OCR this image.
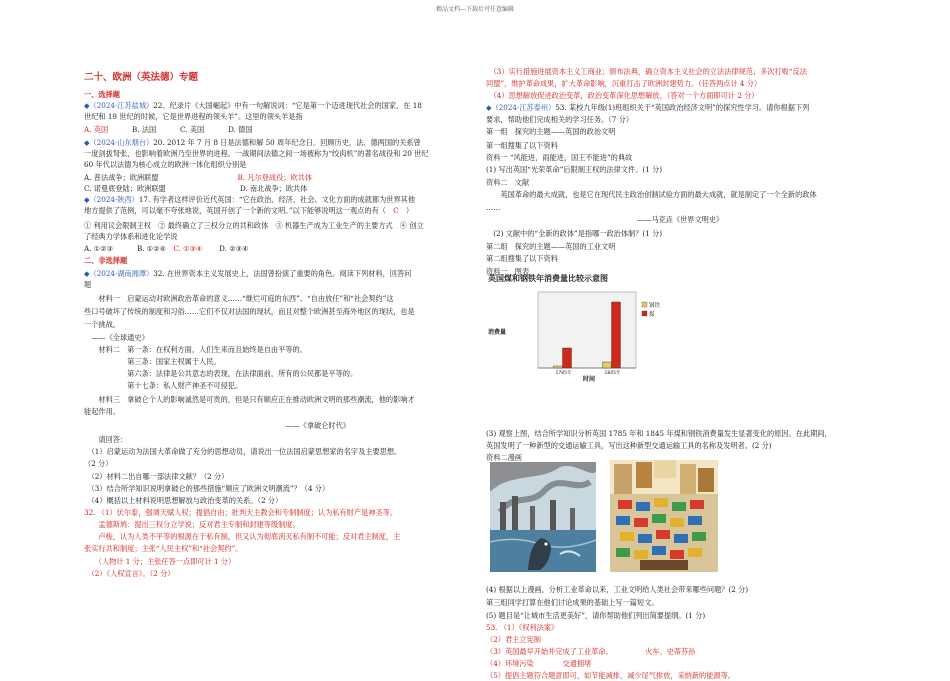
精品文档---下载后可任意编辑
二十、欧洲（英法德）专题
一、选择题
◆（2024·江苏盐城）22、纪录片《大国崛起》中有一句解说词：“它是第一个迈进现代社会的国家，在 18
世纪和 19 世纪的时候，它是世界进程的领头羊”。这里的领头羊是指
A. 英国　　　 B. 法国　　　 C. 美国　　　 D. 德国
◆（2024·山东烟台）20. 2012 年 7 月 8 日是法德和解 50 周年纪念日。回顾历史，法、德两国的关系曾
一度剑拔弩张，也影响着欧洲乃至世界的进程。一战期间法德之间一场被称为“绞肉机”的著名战役和 20 世纪
60 年代以法德为核心成立的欧洲一体化组织分别是
A. 普法战争；欧洲联盟　　　　　　　　　　　B. 凡尔登战役；欧共体
C. 诺曼底登陆；欧洲联盟　　　　　　　　　　 D. 南北战争；欧共体
◆（2024·陕西）17. 有学者这样评价近代英国：“它在政治、经济、社会、文化方面的成就都为世界其他
地方提供了范例，可以毫不夸张地说，英国开创了一个新的文明。”以下能够说明这一观点的有（　C　）
① 利用议会限制王权　② 最终确立了三权分立的共和政体　③ 机器生产成为工业生产的主要方式　④ 创立
了经典力学体系和进化论学说
A. ①②③　　　 B. ①②④　C. ①③④　　 D. ②③④
二、非选择题
◆（2024·湖南湘潭）32. 在世界资本主义发展史上，法国曾扮演了重要的角色。阅读下列材料，回答问
题
　　材料一　启蒙运动对欧洲政治革命的意义……“继烂可庭的东西”、“自由放任”和“社会契约”这
些口号破坏了传统的制度和习俗……它们不仅对法国的现状，而且对整个欧洲甚至海外地区的现状，也是
一个挑战。
　——《全球通史》
　　材料二　第一条：在权利方面，人们生来而且始终是自由平等的。
　　　　　　第三条：国家主权属于人民。
　　　　　　第六条：法律是公共意志的表现，在法律面前，所有的公民都是平等的。
　　　　　　第十七条：私人财产神圣不可侵犯。
　　材料三　拿破仑个人的影响诚然是可贵的，但是只有顺应正在推动欧洲文明的那些潮流，他的影响才
能起作用。
　　　　　　　　　　　　　　　　　　　　　　　　　　　　——《拿破仑时代》
　　请回答：
　（1）启蒙运动为法国大革命做了充分的思想动员，请说出一位法国启蒙思想家的名字及主要思想。
（2 分）
　（2）材料二出自哪一部法律文献？（2 分）
　（3）结合所学知识说明拿破仑的那些措施“顺应了欧洲文明潮流”？（4 分）
　（4）概括以上材料说明思想解放与政治变革的关系。（2 分）
32. （1）伏尔泰，强调天赋人权；提倡自由；批判天主教会和专制制度；认为私有财产是神圣等。
　　孟德斯鸠：提出三权分立学说；反对君主专制和封建等级制度。
　　卢梭，认为人类不平等的根源在于私有制，但又认为彻底消灭私有制不可能；反对君主制度，主
张实行共和制度；主张“人民主权”和“社会契约”。
　　（人物计 1 分；主张任答一点即可计 1 分）
　（2）《人权宣言》。（2 分）
英国煤和钢铁年消费量比较示意图
消费量
时间
1785年	1845年
钢铁
煤
　（3）实行措施进展资本主义工商业；颁布法典，确立资本主义社会的立法法律规范；多次打败“反法
同盟”，维护革命成果，扩大革命影响，沉重打击了欧洲封建势力。（任答两点计 4 分）
　（4）思想解放促进政治变革，政治变革深化思想解放。（答对一个方面即可计 2 分）
◆（2024·江苏泰州）53. 某校九年级(1)班组织关于“英国政治经济文明”的探究性学习。请你根据下列
要求，帮助他们完成相关的学习任务。（7 分）
第一组　探究的主题——英国的政治文明
第一组搜集了以下资料
资料一 “风能进，雨能进，国王不能进”的典故
(1) 写出英国“光荣革命”后限制王权的法律文件。(1 分)
资料二　文献
　　英国革命的最大成就，也是它在现代民主政治创制试验方面的最大成就，就是制定了一个全新的政体
……
　　　　　　　　　　　　　　　　　　　　　——马克垚《世界文明史》
　(2) 文献中的“全新的政体”是指哪一政治体制？(1 分)
第二组　探究的主题——英国的工业文明
第二组搜集了以下资料
资料一　图表
(3) 观察上图，结合所学知识分析英国 1785 年和 1845 年煤和钢铁消费量发生显著变化的原因。在此期间，
英国发明了一种新型的交通运输工具，写出这种新型交通运输工具的名称及发明者。(2 分)
资料二漫画
(4) 根据以上漫画，分析工业革命以来，工业文明给人类社会带来哪些问题？(2 分)
第三组同学打算在他们讨论成果的基础上写一篇短文。
(5) 题目是“让城市生活更美好”，请你帮助他们列出简要提纲。(1 分)
53. （1）《权利法案》
（2）君主立宪制
（3）英国最早开始并完成了工业革命。　　　　　火车、史蒂芬孙
（4）环境污染　　　　交通拥堵
（5）提倡主题符合题意即可，如节能减排，减少尾气排放，采纳新的能源等。
